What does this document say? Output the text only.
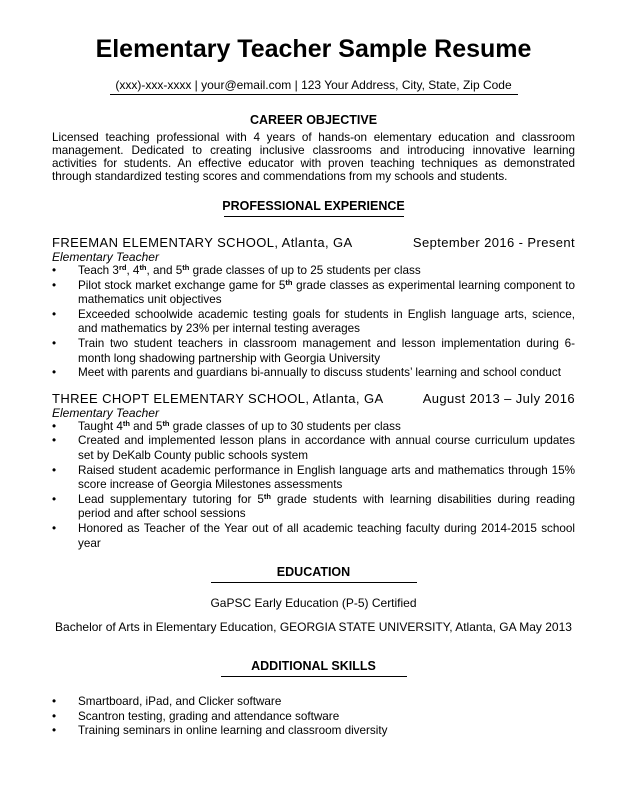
Elementary Teacher Sample Resume
(xxx)-xxx-xxxx | your@email.com | 123 Your Address, City, State, Zip Code
CAREER OBJECTIVE
Licensed teaching professional with 4 years of hands-on elementary education and classroom management. Dedicated to creating inclusive classrooms and introducing innovative learning activities for students. An effective educator with proven teaching techniques as demonstrated through standardized testing scores and commendations from my schools and students.
PROFESSIONAL EXPERIENCE
FREEMAN ELEMENTARY SCHOOL, Atlanta, GA	September 2016 - Present
Elementary Teacher
•	Teach 3rd, 4th, and 5th grade classes of up to 25 students per class
•	Pilot stock market exchange game for 5th grade classes as experimental learning component to mathematics unit objectives
•	Exceeded schoolwide academic testing goals for students in English language arts, science, and mathematics by 23% per internal testing averages
•	Train two student teachers in classroom management and lesson implementation during 6-month long shadowing partnership with Georgia University
•	Meet with parents and guardians bi-annually to discuss students’ learning and school conduct
THREE CHOPT ELEMENTARY SCHOOL, Atlanta, GA	August 2013 – July 2016
Elementary Teacher
•	Taught 4th and 5th grade classes of up to 30 students per class
•	Created and implemented lesson plans in accordance with annual course curriculum updates set by DeKalb County public schools system
•	Raised student academic performance in English language arts and mathematics through 15% score increase of Georgia Milestones assessments
•	Lead supplementary tutoring for 5th grade students with learning disabilities during reading period and after school sessions
•	Honored as Teacher of the Year out of all academic teaching faculty during 2014-2015 school year
EDUCATION
GaPSC Early Education (P-5) Certified
Bachelor of Arts in Elementary Education, GEORGIA STATE UNIVERSITY, Atlanta, GA May 2013
ADDITIONAL SKILLS
•	Smartboard, iPad, and Clicker software
•	Scantron testing, grading and attendance software
•	Training seminars in online learning and classroom diversity
